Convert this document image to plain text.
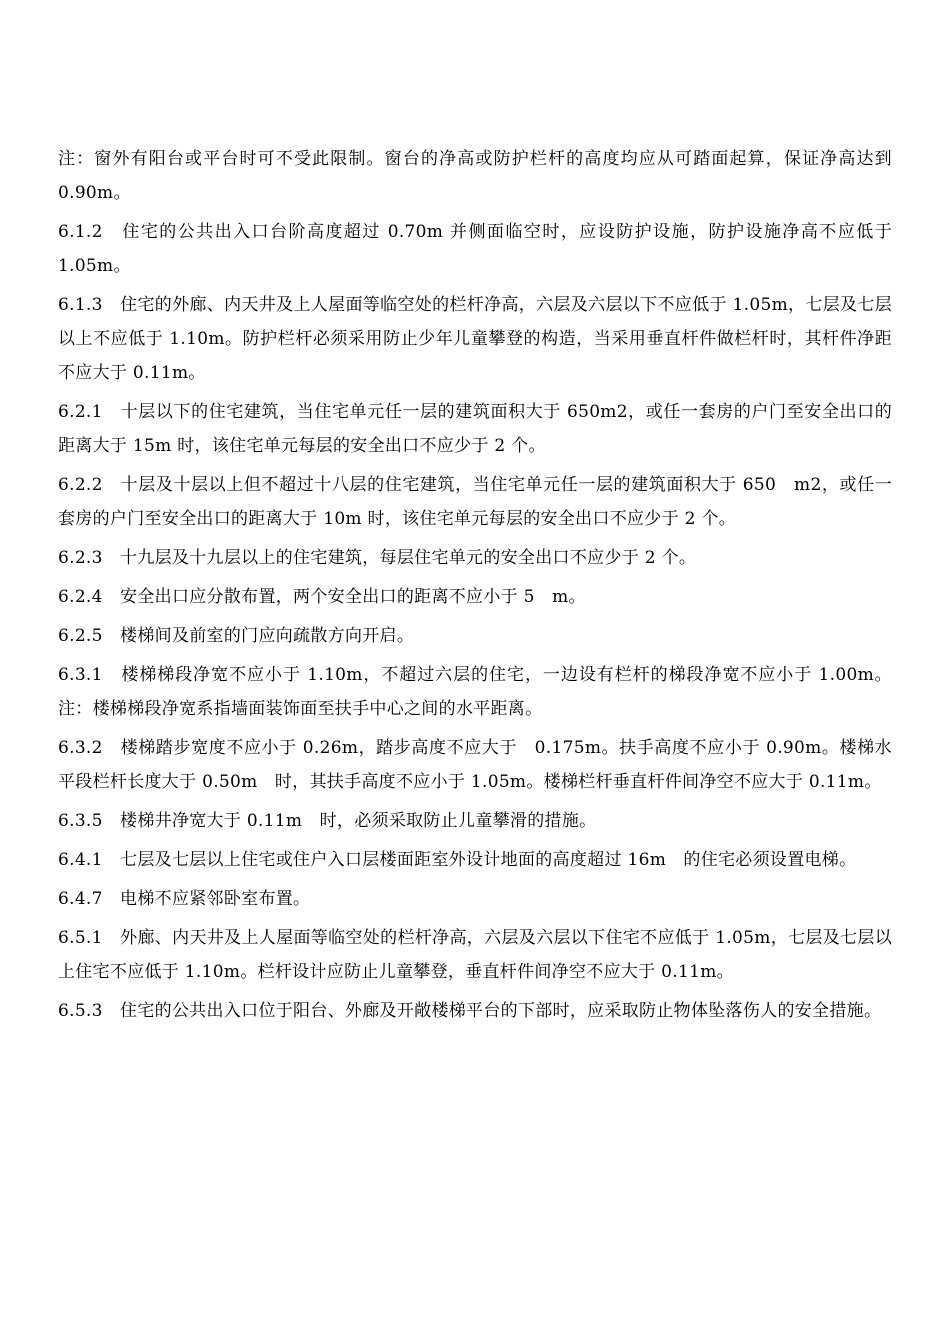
注：窗外有阳台或平台时可不受此限制。窗台的净高或防护栏杆的高度均应从可踏面起算，保证净高达到 0.90m。

6.1.2　住宅的公共出入口台阶高度超过 0.70m 并侧面临空时，应设防护设施，防护设施净高不应低于 1.05m。

6.1.3　住宅的外廊、内天井及上人屋面等临空处的栏杆净高，六层及六层以下不应低于 1.05m，七层及七层以上不应低于 1.10m。防护栏杆必须采用防止少年儿童攀登的构造，当采用垂直杆件做栏杆时，其杆件净距不应大于 0.11m。

6.2.1　十层以下的住宅建筑，当住宅单元任一层的建筑面积大于 650m2，或任一套房的户门至安全出口的距离大于 15m 时，该住宅单元每层的安全出口不应少于 2 个。

6.2.2　十层及十层以上但不超过十八层的住宅建筑，当住宅单元任一层的建筑面积大于 650　m2，或任一套房的户门至安全出口的距离大于 10m 时，该住宅单元每层的安全出口不应少于 2 个。

6.2.3　十九层及十九层以上的住宅建筑，每层住宅单元的安全出口不应少于 2 个。

6.2.4　安全出口应分散布置，两个安全出口的距离不应小于 5　m。

6.2.5　楼梯间及前室的门应向疏散方向开启。

6.3.1　楼梯梯段净宽不应小于 1.10m，不超过六层的住宅，一边设有栏杆的梯段净宽不应小于 1.00m。注：楼梯梯段净宽系指墙面装饰面至扶手中心之间的水平距离。

6.3.2　楼梯踏步宽度不应小于 0.26m，踏步高度不应大于　0.175m。扶手高度不应小于 0.90m。楼梯水平段栏杆长度大于 0.50m　时，其扶手高度不应小于 1.05m。楼梯栏杆垂直杆件间净空不应大于 0.11m。

6.3.5　楼梯井净宽大于 0.11m　时，必须采取防止儿童攀滑的措施。

6.4.1　七层及七层以上住宅或住户入口层楼面距室外设计地面的高度超过 16m　的住宅必须设置电梯。

6.4.7　电梯不应紧邻卧室布置。

6.5.1　外廊、内天井及上人屋面等临空处的栏杆净高，六层及六层以下住宅不应低于 1.05m，七层及七层以上住宅不应低于 1.10m。栏杆设计应防止儿童攀登，垂直杆件间净空不应大于 0.11m。

6.5.3　住宅的公共出入口位于阳台、外廊及开敞楼梯平台的下部时，应采取防止物体坠落伤人的安全措施。
